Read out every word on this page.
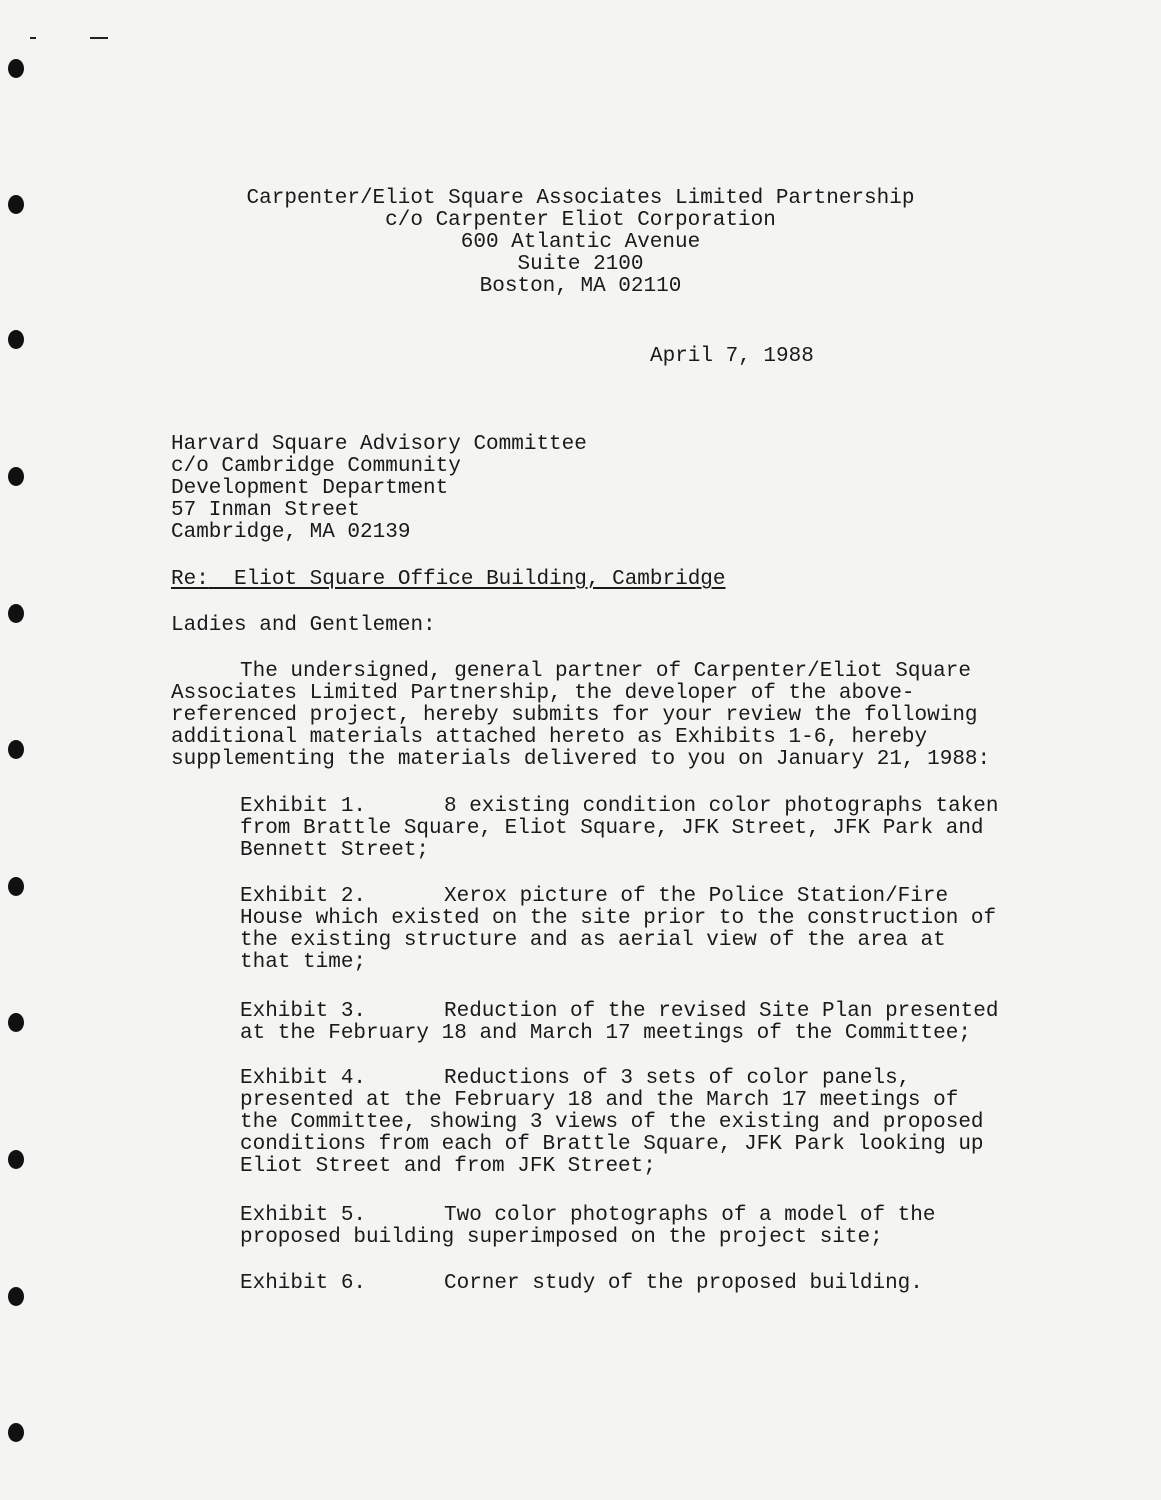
Carpenter/Eliot Square Associates Limited Partnership
c/o Carpenter Eliot Corporation
600 Atlantic Avenue
Suite 2100
Boston, MA 02110
April 7, 1988
Harvard Square Advisory Committee
c/o Cambridge Community
Development Department
57 Inman Street
Cambridge, MA 02139
Re: Eliot Square Office Building, Cambridge
Ladies and Gentlemen:
The undersigned, general partner of Carpenter/Eliot Square
Associates Limited Partnership, the developer of the above-
referenced project, hereby submits for your review the following
additional materials attached hereto as Exhibits 1-6, hereby
supplementing the materials delivered to you on January 21, 1988:
Exhibit 1.	8 existing condition color photographs taken
from Brattle Square, Eliot Square, JFK Street, JFK Park and
Bennett Street;
Exhibit 2.	Xerox picture of the Police Station/Fire
House which existed on the site prior to the construction of
the existing structure and as aerial view of the area at
that time;
Exhibit 3.	Reduction of the revised Site Plan presented
at the February 18 and March 17 meetings of the Committee;
Exhibit 4.	Reductions of 3 sets of color panels,
presented at the February 18 and the March 17 meetings of
the Committee, showing 3 views of the existing and proposed
conditions from each of Brattle Square, JFK Park looking up
Eliot Street and from JFK Street;
Exhibit 5.	Two color photographs of a model of the
proposed building superimposed on the project site;
Exhibit 6.	Corner study of the proposed building.
